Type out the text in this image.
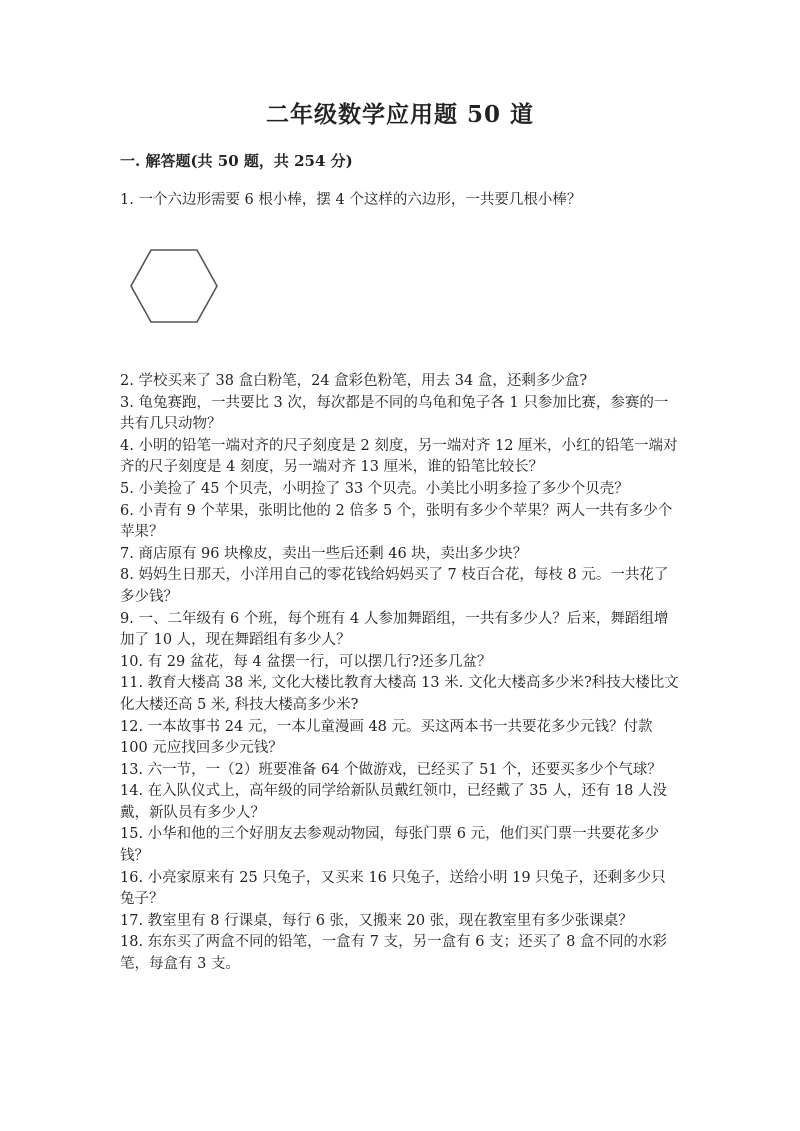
二年级数学应用题 50 道
一. 解答题(共 50 题，共 254 分)
1. 一个六边形需要 6 根小棒，摆 4 个这样的六边形，一共要几根小棒？

2. 学校买来了 38 盒白粉笔，24 盒彩色粉笔，用去 34 盒，还剩多少盒?

3. 龟兔赛跑，一共要比 3 次，每次都是不同的乌龟和兔子各 1 只参加比赛，参赛的一共有几只动物？

4. 小明的铅笔一端对齐的尺子刻度是 2 刻度，另一端对齐 12 厘米，小红的铅笔一端对齐的尺子刻度是 4 刻度，另一端对齐 13 厘米，谁的铅笔比较长？

5. 小美捡了 45 个贝壳，小明捡了 33 个贝壳。小美比小明多捡了多少个贝壳？

6. 小青有 9 个苹果，张明比他的 2 倍多 5 个，张明有多少个苹果？两人一共有多少个苹果？

7. 商店原有 96 块橡皮，卖出一些后还剩 46 块，卖出多少块？

8. 妈妈生日那天，小洋用自己的零花钱给妈妈买了 7 枝百合花，每枝 8 元。一共花了多少钱？

9. 一、二年级有 6 个班，每个班有 4 人参加舞蹈组，一共有多少人？后来，舞蹈组增加了 10 人，现在舞蹈组有多少人？

10. 有 29 盆花，每 4 盆摆一行，可以摆几行?还多几盆？

11. 教育大楼高 38 米, 文化大楼比教育大楼高 13 米. 文化大楼高多少米?科技大楼比文化大楼还高 5 米, 科技大楼高多少米?

12. 一本故事书 24 元，一本儿童漫画 48 元。买这两本书一共要花多少元钱？付款 100 元应找回多少元钱？

13. 六一节，一（2）班要准备 64 个做游戏，已经买了 51 个，还要买多少个气球？

14. 在入队仪式上，高年级的同学给新队员戴红领巾，已经戴了 35 人，还有 18 人没戴，新队员有多少人？

15. 小华和他的三个好朋友去参观动物园，每张门票 6 元，他们买门票一共要花多少钱？

16. 小亮家原来有 25 只兔子，又买来 16 只兔子，送给小明 19 只兔子，还剩多少只兔子？

17. 教室里有 8 行课桌，每行 6 张，又搬来 20 张，现在教室里有多少张课桌？

18. 东东买了两盒不同的铅笔，一盒有 7 支，另一盒有 6 支；还买了 8 盒不同的水彩笔，每盒有 3 支。
